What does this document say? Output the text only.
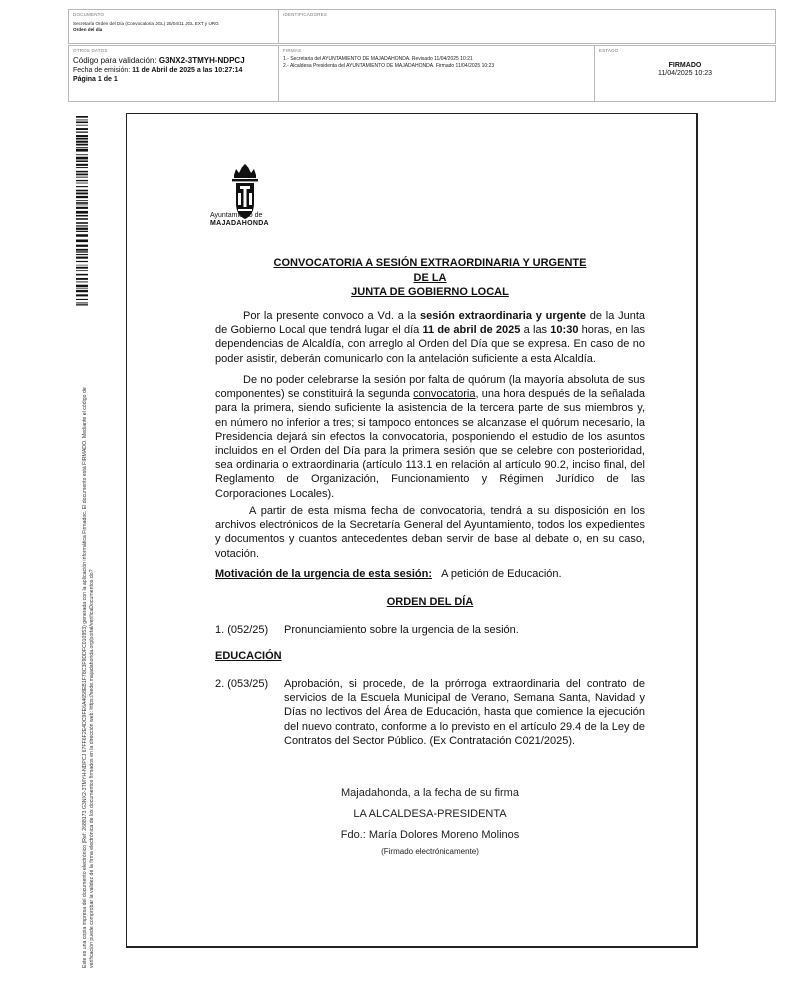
DOCUMENTO
Secretaría Orden del Día (Convocatoria JGL) 25/04/11 JGL EXT y URG
Orden del día
IDENTIFICADORES
OTROS DATOS
Código para validación: G3NX2-3TMYH-NDPCJ
Fecha de emisión: 11 de Abril de 2025 a las 10:27:14
Página 1 de 1
FIRMAS
1.- Secretaria del AYUNTAMIENTO DE MAJADAHONDA. Revisado 11/04/2025 10:21
2.- Alcaldesa Presidenta del AYUNTAMIENTO DE MAJADAHONDA. Firmado 11/04/2025 10:23
ESTADO
FIRMADO
11/04/2025 10:23
Este es una copia impresa del documento electrónico (Ref: 2688173 G3NX2-3TMYH-NDPCJ 67FF6F2E4DC9FE6A4658EB1F78C3F9DDFC010953) generada con la aplicación informática Firmadoc. El documento está FIRMADO. Mediante el código de verificación puede comprobar la validez de la firma electrónica de los documentos firmados en la dirección web: https://sede.majadahonda.org/portal/verificaDocumentos.do?
Ayuntamiento de
MAJADAHONDA
CONVOCATORIA A SESIÓN EXTRAORDINARIA Y URGENTE
DE LA
JUNTA DE GOBIERNO LOCAL
Por la presente convoco a Vd. a la sesión extraordinaria y urgente de la Junta de Gobierno Local que tendrá lugar el día 11 de abril de 2025 a las 10:30 horas, en las dependencias de Alcaldía, con arreglo al Orden del Día que se expresa. En caso de no poder asistir, deberán comunicarlo con la antelación suficiente a esta Alcaldía.
De no poder celebrarse la sesión por falta de quórum (la mayoría absoluta de sus componentes) se constituirá la segunda convocatoria, una hora después de la señalada para la primera, siendo suficiente la asistencia de la tercera parte de sus miembros y, en número no inferior a tres; si tampoco entonces se alcanzase el quórum necesario, la Presidencia dejará sin efectos la convocatoria, posponiendo el estudio de los asuntos incluidos en el Orden del Día para la primera sesión que se celebre con posterioridad, sea ordinaria o extraordinaria (artículo 113.1 en relación al artículo 90.2, inciso final, del Reglamento de Organización, Funcionamiento y Régimen Jurídico de las Corporaciones Locales).
A partir de esta misma fecha de convocatoria, tendrá a su disposición en los archivos electrónicos de la Secretaría General del Ayuntamiento, todos los expedientes y documentos y cuantos antecedentes deban servir de base al debate o, en su caso, votación.
Motivación de la urgencia de esta sesión: A petición de Educación.
ORDEN DEL DÍA
1. (052/25) Pronunciamiento sobre la urgencia de la sesión.
EDUCACIÓN
2. (053/25) Aprobación, si procede, de la prórroga extraordinaria del contrato de servicios de la Escuela Municipal de Verano, Semana Santa, Navidad y Días no lectivos del Área de Educación, hasta que comience la ejecución del nuevo contrato, conforme a lo previsto en el artículo 29.4 de la Ley de Contratos del Sector Público. (Ex Contratación C021/2025).
Majadahonda, a la fecha de su firma
LA ALCALDESA-PRESIDENTA
Fdo.: María Dolores Moreno Molinos
(Firmado electrónicamente)
